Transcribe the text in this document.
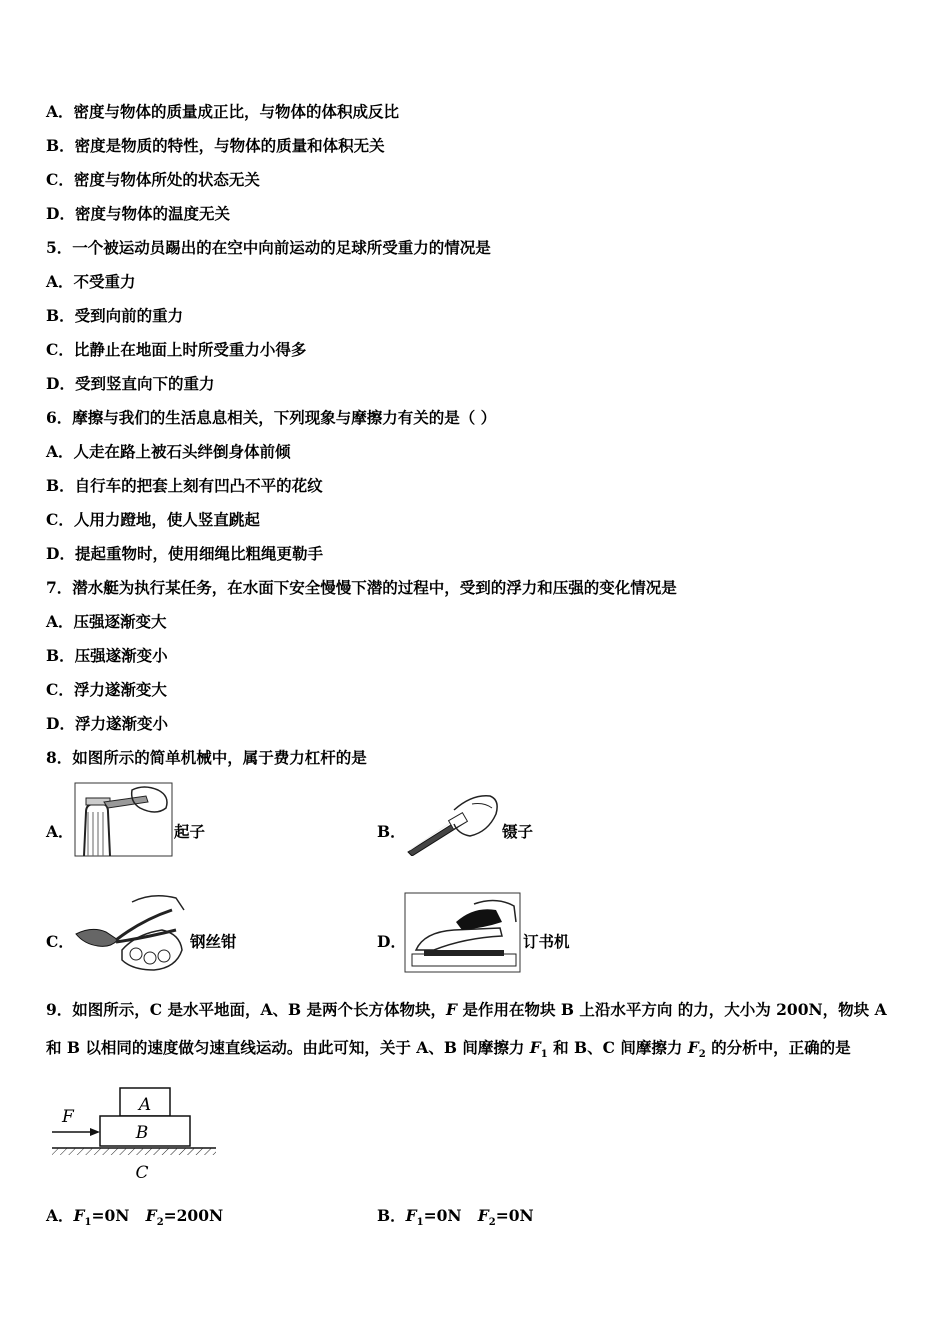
A．密度与物体的质量成正比，与物体的体积成反比
B．密度是物质的特性，与物体的质量和体积无关
C．密度与物体所处的状态无关
D．密度与物体的温度无关
5．一个被运动员踢出的在空中向前运动的足球所受重力的情况是
A．不受重力
B．受到向前的重力
C．比静止在地面上时所受重力小得多
D．受到竖直向下的重力
6．摩擦与我们的生活息息相关，下列现象与摩擦力有关的是（ ）
A．人走在路上被石头绊倒身体前倾
B．自行车的把套上刻有凹凸不平的花纹
C．人用力蹬地，使人竖直跳起
D．提起重物时，使用细绳比粗绳更勒手
7．潜水艇为执行某任务，在水面下安全慢慢下潜的过程中，受到的浮力和压强的变化情况是
A．压强逐渐变大
B．压强遂渐变小
C．浮力遂渐变大
D．浮力遂渐变小
8．如图所示的简单机械中，属于费力杠杆的是
A．	起子	B．	镊子
C．	钢丝钳	D．	订书机
9．如图所示，C 是水平地面，A、B 是两个长方体物块，F 是作用在物块 B 上沿水平方向 的力，大小为 200N，物块 A
和 B 以相同的速度做匀速直线运动。由此可知，关于 A、B 间摩擦力 $F_1$ 和 B、C 间摩擦力 $F_2$ 的分析中，正确的是
A
B
F
C
A．$F_1=0N$ $F_2=200N$	B．$F_1=0N$ $F_2=0N$
